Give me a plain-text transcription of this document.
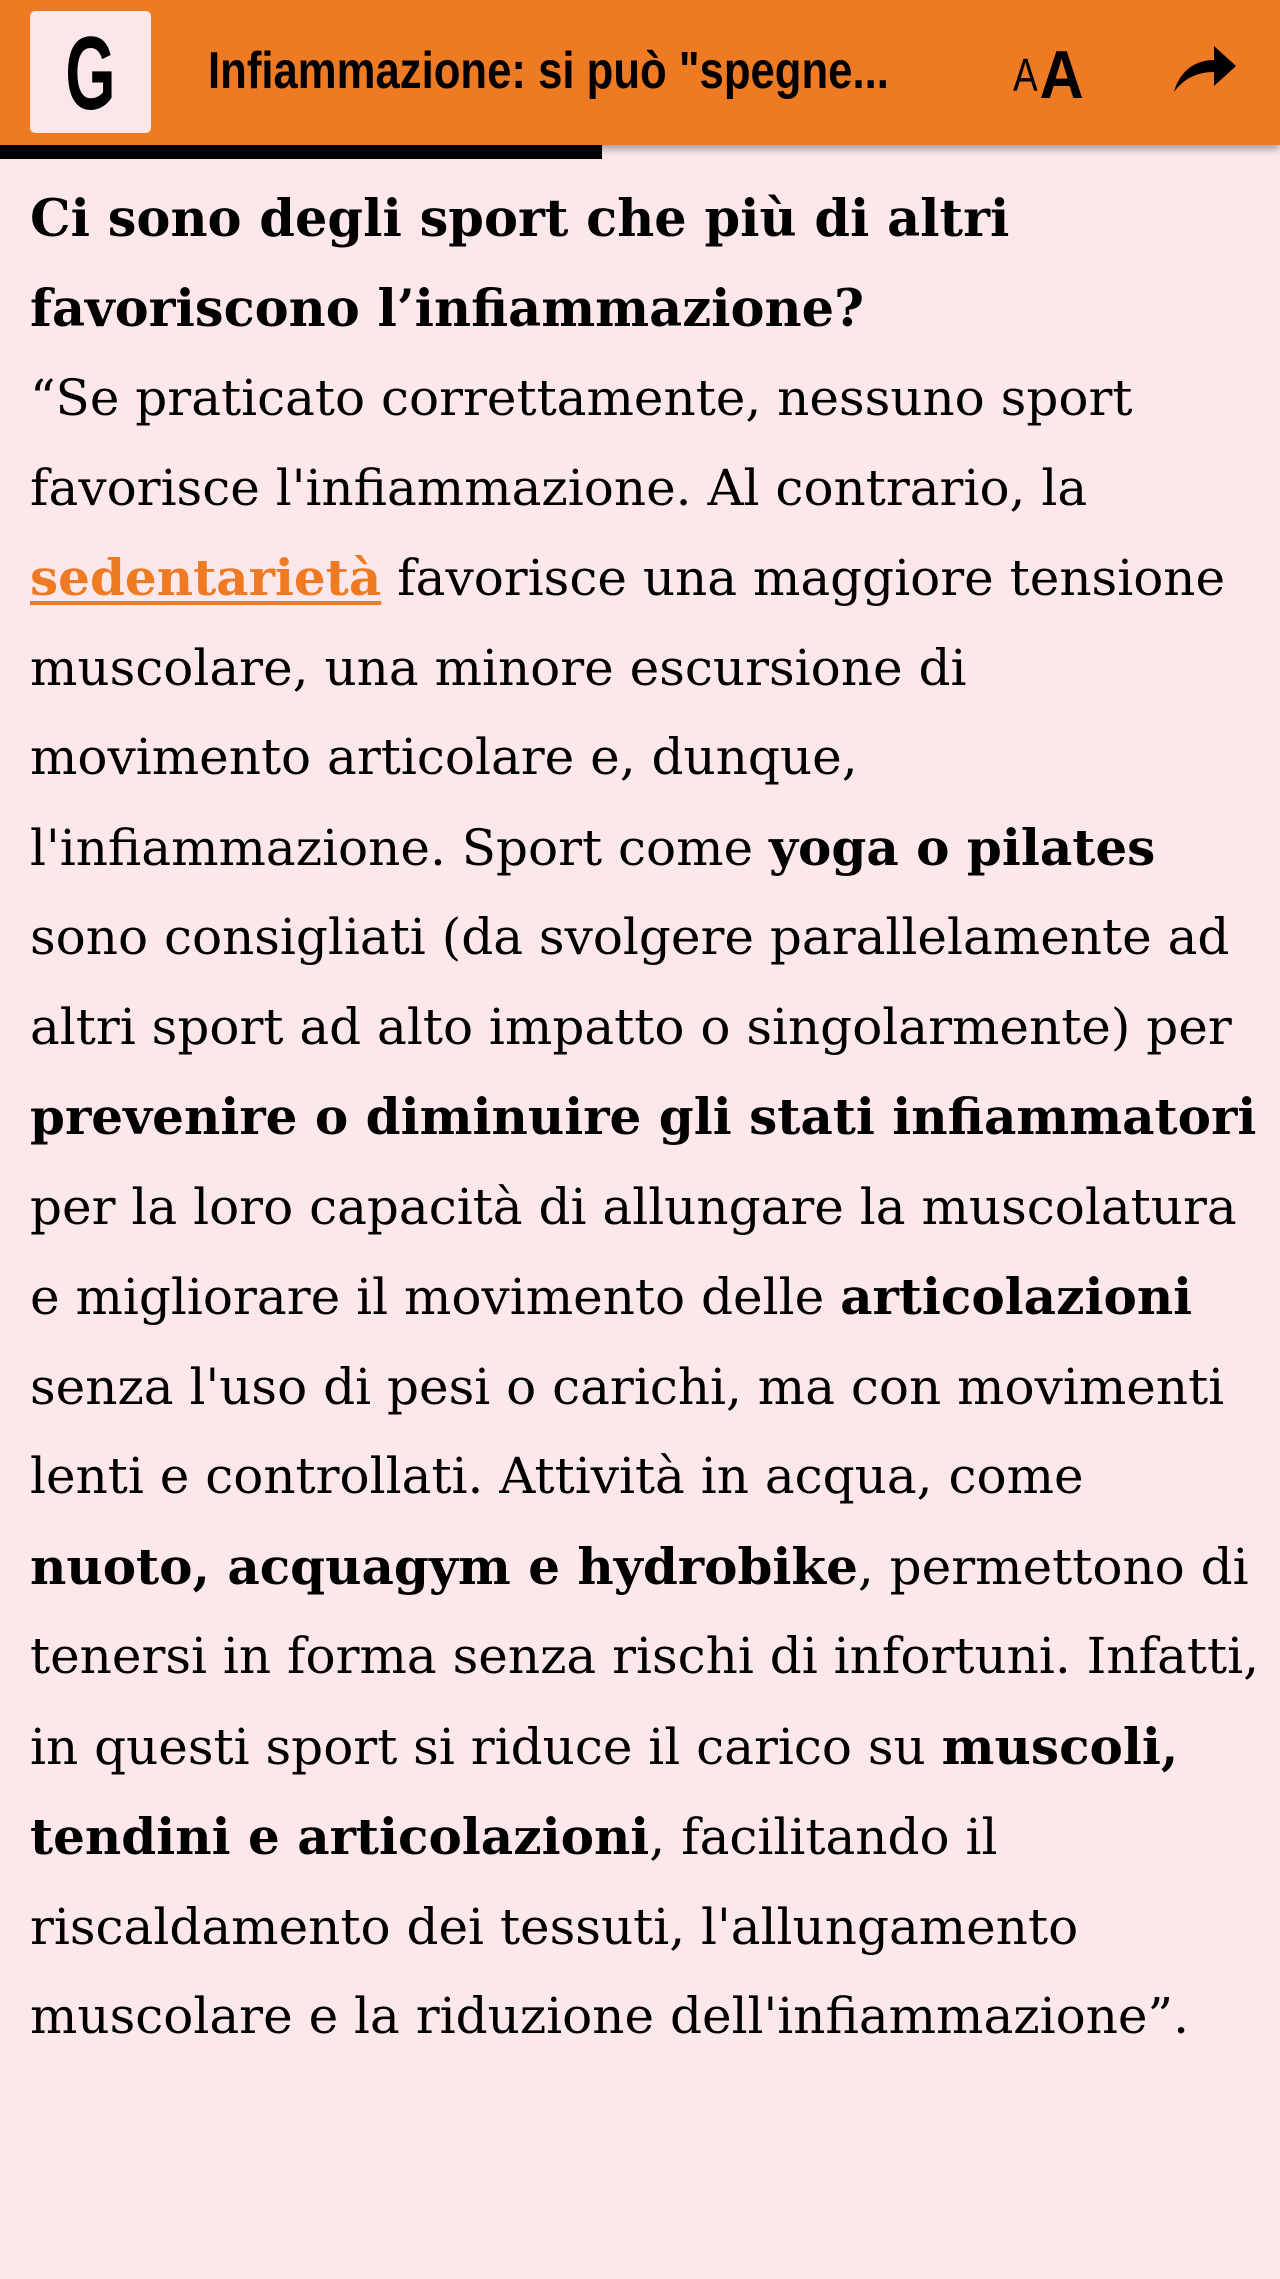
G Infiammazione: si può "spegne...	A A
Ci sono degli sport che più di altri favoriscono l’infiammazione?

“Se praticato correttamente, nessuno sport favorisce l'infiammazione. Al contrario, la sedentarietà favorisce una maggiore tensione muscolare, una minore escursione di movimento articolare e, dunque, l'infiammazione. Sport come yoga o pilates sono consigliati (da svolgere parallelamente ad altri sport ad alto impatto o singolarmente) per prevenire o diminuire gli stati infiammatori per la loro capacità di allungare la muscolatura e migliorare il movimento delle articolazioni senza l'uso di pesi o carichi, ma con movimenti lenti e controllati. Attività in acqua, come nuoto, acquagym e hydrobike, permettono di tenersi in forma senza rischi di infortuni. Infatti, in questi sport si riduce il carico su muscoli, tendini e articolazioni, facilitando il riscaldamento dei tessuti, l'allungamento muscolare e la riduzione dell'infiammazione”.
